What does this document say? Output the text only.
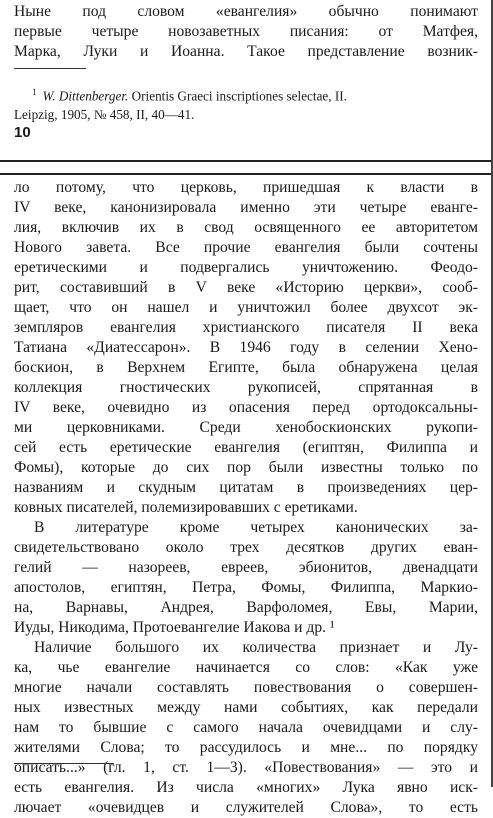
Ныне под словом «евангелия» обычно понимают
первые четыре новозаветных писания: от Матфея,
Марка, Луки и Иоанна. Такое представление возник-

$^1$ W. Dittenberger. Orientis Graeci inscriptiones selectae, II.
Leipzig, 1905, № 458, II, 40—41.

10

ло потому, что церковь, пришедшая к власти в
IV веке, канонизировала именно эти четыре еванге-
лия, включив их в свод освященного ее авторитетом
Нового завета. Все прочие евангелия были сочтены
еретическими и подвергались уничтожению. Феодо-
рит, составивший в V веке «Историю церкви», сооб-
щает, что он нашел и уничтожил более двухсот эк-
земпляров евангелия христианского писателя II века
Татиана «Диатессарон». В 1946 году в селении Хено-
боскион, в Верхнем Египте, была обнаружена целая
коллекция гностических рукописей, спрятанная в
IV веке, очевидно из опасения перед ортодоксальны-
ми церковниками. Среди хенобоскионских рукопи-
сей есть еретические евангелия (египтян, Филиппа и
Фомы), которые до сих пор были известны только по
названиям и скудным цитатам в произведениях цер-
ковных писателей, полемизировавших с еретиками.
В литературе кроме четырех канонических за-
свидетельствовано около трех десятков других еван-
гелий — назореев, евреев, эбионитов, двенадцати
апостолов, египтян, Петра, Фомы, Филиппа, Маркио-
на, Варнавы, Андрея, Варфоломея, Евы, Марии,
Иуды, Никодима, Протоевангелие Иакова и др. ¹
Наличие большого их количества признает и Лу-
ка, чье евангелие начинается со слов: «Как уже
многие начали составлять повествования о совершен-
ных известных между нами событиях, как передали
нам то бывшие с самого начала очевидцами и слу-
жителями Слова; то рассудилось и мне... по порядку
описать...» (гл. 1, ст. 1—3). «Повествования» — это и
есть евангелия. Из числа «многих» Лука явно иск-
лючает «очевидцев и служителей Слова», то есть
